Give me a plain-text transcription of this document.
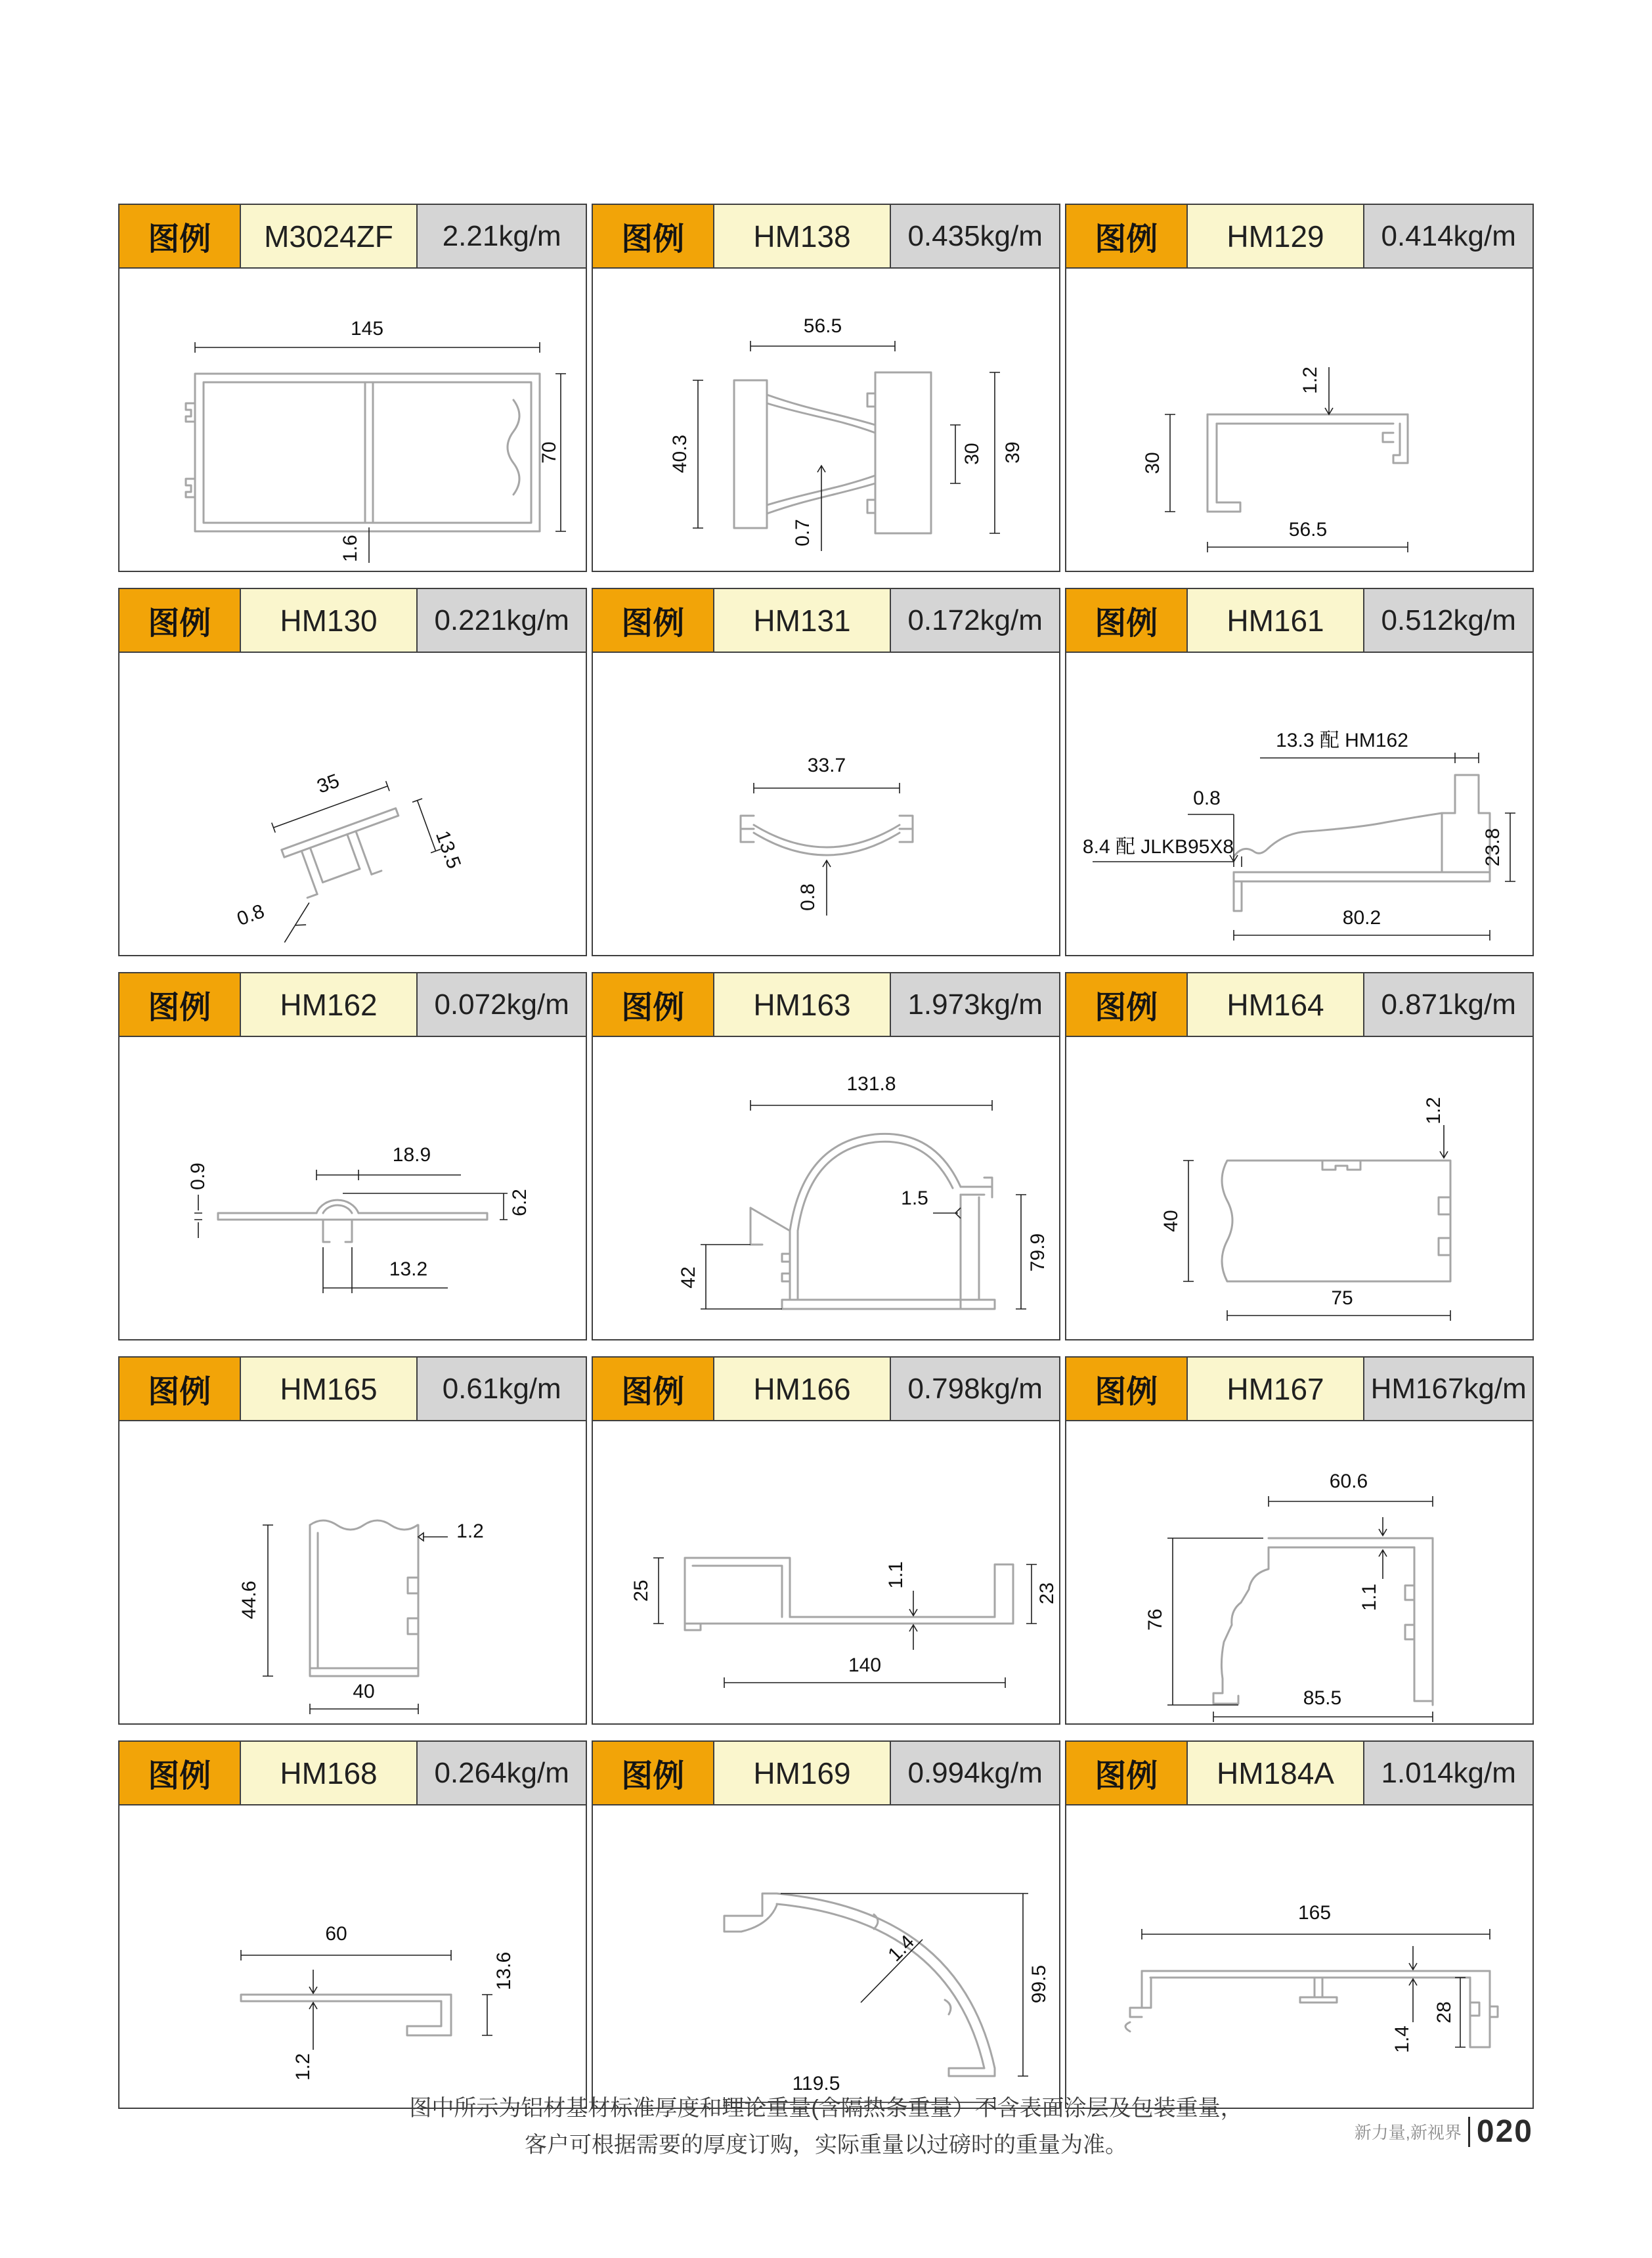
图例	M3024ZF	2.21kg/m
145
70
1.6
图例	HM138	0.435kg/m
56.5
40.3	30 39
0.7
图例	HM129	0.414kg/m
1.2
30
56.5
图例	HM130	0.221kg/m
35
0.8
13.5
图例	HM131	0.172kg/m
33.7
0.8
图例	HM161	0.512kg/m
13.3 配 HM162
0.8
8.4 配 JLKB95X8
80.2
23.8
图例	HM162	0.072kg/m
0.9
18.9
6.2
13.2
图例	HM163	1.973kg/m
131.8
1.5
79.9
42
图例	HM164	0.871kg/m
1.2
40
75
图例	HM165	0.61kg/m
44.6
1.2
40
图例	HM166	0.798kg/m
25
1.1
23
140
图例	HM167	HM167kg/m
60.6
1.1
76
85.5
图例	HM168	0.264kg/m
60
13.6
1.2
图例	HM169	0.994kg/m
1.4
99.5
119.5
图例	HM184A	1.014kg/m
165
1.4
28
图中所示为铝材基材标准厚度和理论重量(含隔热条重量）不含表面涂层及包装重量，
客户可根据需要的厚度订购，实际重量以过磅时的重量为准。
新力量,新视界 020
